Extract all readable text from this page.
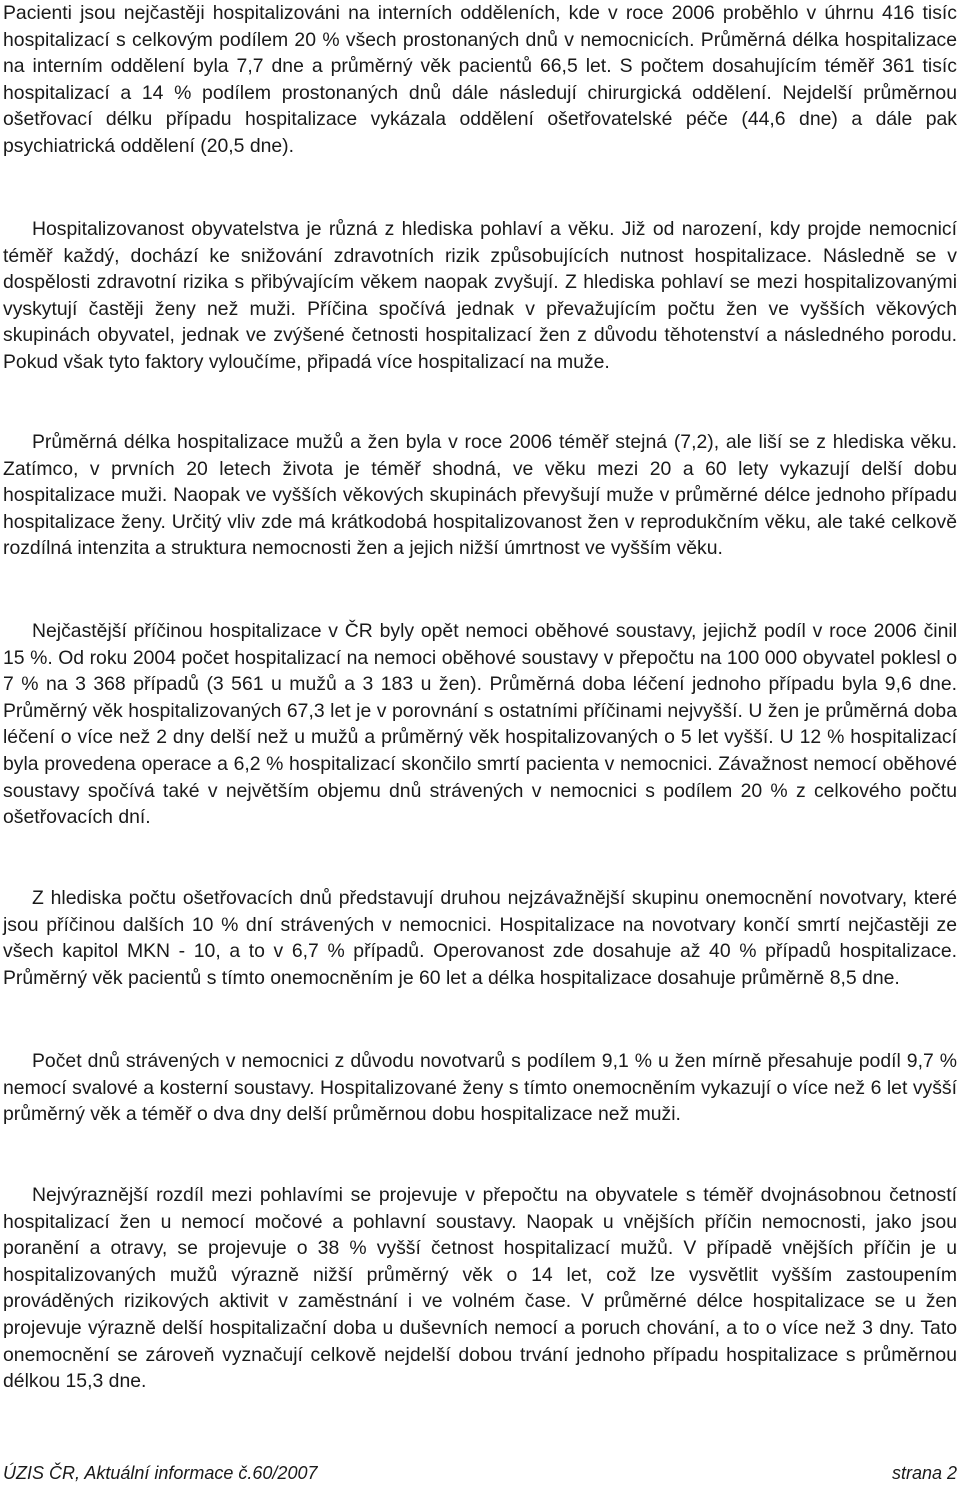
Pacienti jsou nejčastěji hospitalizováni na interních odděleních, kde v roce 2006 proběhlo v úhrnu 416 tisíc hospitalizací s celkovým podílem 20 % všech prostonaných dnů v nemocnicích. Průměrná délka hospitalizace na interním oddělení byla 7,7 dne a průměrný věk pacientů 66,5 let. S počtem dosahujícím téměř 361 tisíc hospitalizací a 14 % podílem prostonaných dnů dále následují chirurgická oddělení. Nejdelší průměrnou ošetřovací délku případu hospitalizace vykázala oddělení ošetřovatelské péče (44,6 dne) a dále pak psychiatrická oddělení (20,5 dne).

Hospitalizovanost obyvatelstva je různá z hlediska pohlaví a věku. Již od narození, kdy projde nemocnicí téměř každý, dochází ke snižování zdravotních rizik způsobujících nutnost hospitalizace. Následně se v dospělosti zdravotní rizika s přibývajícím věkem naopak zvyšují. Z hlediska pohlaví se mezi hospitalizovanými vyskytují častěji ženy než muži. Příčina spočívá jednak v převažujícím počtu žen ve vyšších věkových skupinách obyvatel, jednak ve zvýšené četnosti hospitalizací žen z důvodu těhotenství a následného porodu. Pokud však tyto faktory vyloučíme, připadá více hospitalizací na muže.

Průměrná délka hospitalizace mužů a žen byla v roce 2006 téměř stejná (7,2), ale liší se z hlediska věku. Zatímco, v prvních 20 letech života je téměř shodná, ve věku mezi 20 a 60 lety vykazují delší dobu hospitalizace muži. Naopak ve vyšších věkových skupinách převyšují muže v průměrné délce jednoho případu hospitalizace ženy. Určitý vliv zde má krátkodobá hospitalizovanost žen v reprodukčním věku, ale také celkově rozdílná intenzita a struktura nemocnosti žen a jejich nižší úmrtnost ve vyšším věku.

Nejčastější příčinou hospitalizace v ČR byly opět nemoci oběhové soustavy, jejichž podíl v roce 2006 činil 15 %. Od roku 2004 počet hospitalizací na nemoci oběhové soustavy v přepočtu na 100 000 obyvatel poklesl o 7 % na 3 368 případů (3 561 u mužů a 3 183 u žen). Průměrná doba léčení jednoho případu byla 9,6 dne. Průměrný věk hospitalizovaných 67,3 let je v porovnání s ostatními příčinami nejvyšší. U žen je průměrná doba léčení o více než 2 dny delší než u mužů a průměrný věk hospitalizovaných o 5 let vyšší. U 12 % hospitalizací byla provedena operace a 6,2 % hospitalizací skončilo smrtí pacienta v nemocnici. Závažnost nemocí oběhové soustavy spočívá také v největším objemu dnů strávených v nemocnici s podílem 20 % z celkového počtu ošetřovacích dní.

Z hlediska počtu ošetřovacích dnů představují druhou nejzávažnější skupinu onemocnění novotvary, které jsou příčinou dalších 10 % dní strávených v nemocnici. Hospitalizace na novotvary končí smrtí nejčastěji ze všech kapitol MKN - 10, a to v 6,7 % případů. Operovanost zde dosahuje až 40 % případů hospitalizace. Průměrný věk pacientů s tímto onemocněním je 60 let a délka hospitalizace dosahuje průměrně 8,5 dne.

Počet dnů strávených v nemocnici z důvodu novotvarů s podílem 9,1 % u žen mírně přesahuje podíl 9,7 % nemocí svalové a kosterní soustavy. Hospitalizované ženy s tímto onemocněním vykazují o více než 6 let vyšší průměrný věk a téměř o dva dny delší průměrnou dobu hospitalizace než muži.

Nejvýraznější rozdíl mezi pohlavími se projevuje v přepočtu na obyvatele s téměř dvojnásobnou četností hospitalizací žen u nemocí močové a pohlavní soustavy. Naopak u vnějších příčin nemocnosti, jako jsou poranění a otravy, se projevuje o 38 % vyšší četnost hospitalizací mužů. V případě vnějších příčin je u hospitalizovaných mužů výrazně nižší průměrný věk o 14 let, což lze vysvětlit vyšším zastoupením prováděných rizikových aktivit v zaměstnání i ve volném čase. V průměrné délce hospitalizace se u žen projevuje výrazně delší hospitalizační doba u duševních nemocí a poruch chování, a to o více než 3 dny. Tato onemocnění se zároveň vyznačují celkově nejdelší dobou trvání jednoho případu hospitalizace s průměrnou délkou 15,3 dne.

ÚZIS ČR, Aktuální informace č.60/2007	strana 2
